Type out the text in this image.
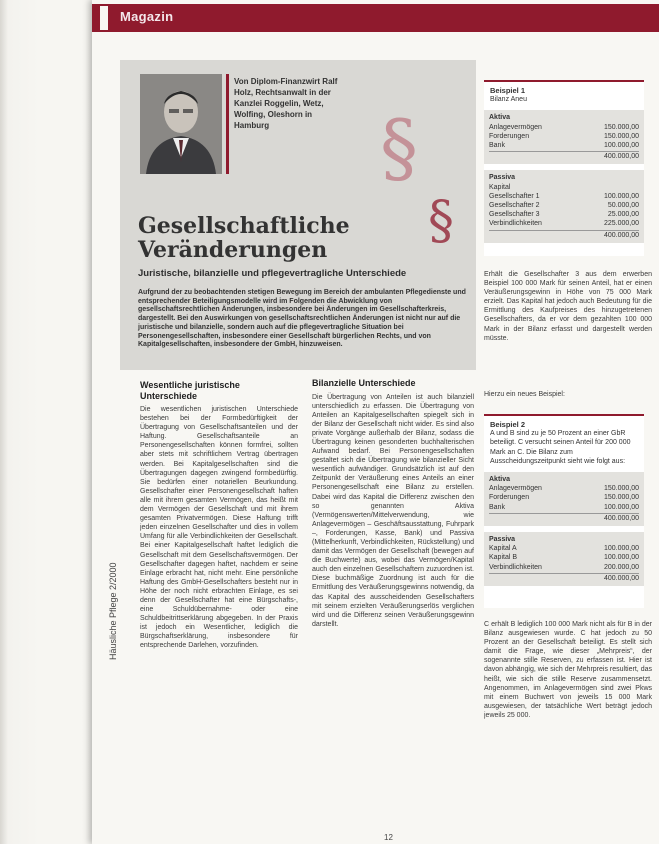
Magazin
Häusliche Pflege 2/2000
Von Diplom-Finanzwirt Ralf Holz, Rechtsanwalt in der Kanzlei Roggelin, Wetz, Wolfing, Oleshorn in Hamburg	§
§
Gesellschaftliche Veränderungen
Juristische, bilanzielle und pflegevertragliche Unterschiede

Aufgrund der zu beobachtenden stetigen Bewegung im Bereich der ambulanten Pflegedienste und entsprechender Beteiligungsmodelle wird im Folgenden die Abwicklung von gesellschaftsrechtlichen Änderungen, insbesondere bei Änderungen im Gesellschafterkreis, dargestellt. Bei den Auswirkungen von gesellschaftsrechtlichen Änderungen ist nicht nur auf die juristische und bilanzielle, sondern auch auf die pflegevertragliche Situation bei Personengesellschaften, insbesondere einer Gesellschaft bürgerlichen Rechts, und von Kapitalgesellschaften, insbesondere der GmbH, hinzuweisen.

Wesentliche juristische Unterschiede

Die wesentlichen juristischen Unterschiede bestehen bei der Formbedürftigkeit der Übertragung von Gesellschaftsanteilen und der Haftung. Gesellschaftsanteile an Personengesellschaften können formfrei, sollten aber stets mit schriftlichem Vertrag übertragen werden. Bei Kapitalgesellschaften sind die Übertragungen dagegen zwingend formbedürftig. Sie bedürfen einer notariellen Beurkundung. Gesellschafter einer Personengesellschaft haften alle mit ihrem gesamten Vermögen, das heißt mit dem Vermögen der Gesellschaft und mit ihrem gesamten Privatvermögen. Diese Haftung trifft jeden einzelnen Gesellschafter und dies in vollem Umfang für alle Verbindlichkeiten der Gesellschaft. Bei einer Kapitalgesellschaft haftet lediglich die Gesellschaft mit dem Gesellschaftsvermögen. Der Gesellschafter dagegen haftet, nachdem er seine Einlage erbracht hat, nicht mehr. Eine persönliche Haftung des GmbH-Gesellschafters besteht nur in Höhe der noch nicht erbrachten Einlage, es sei denn der Gesellschafter hat eine Bürgschafts-, eine Schuldübernahme- oder eine Schuldbeitrittserklärung abgegeben. In der Praxis ist jedoch ein Wesentlicher, lediglich die Bürgschaftserklärung, insbesondere für entsprechende Darlehen, vorzufinden.

Bilanzielle Unterschiede

Die Übertragung von Anteilen ist auch bilanziell unterschiedlich zu erfassen. Die Übertragung von Anteilen an Kapitalgesellschaften spiegelt sich in der Bilanz der Gesellschaft nicht wider. Es sind also private Vorgänge außerhalb der Bilanz, sodass die Übertragung keinen gesonderten buchhalterischen Aufwand bedarf. Bei Personengesellschaften gestaltet sich die Übertragung wie bilanzieller Sicht wesentlich aufwändiger. Grundsätzlich ist auf den Zeitpunkt der Veräußerung eines Anteils an einer Personengesellschaft eine Bilanz zu erstellen. Dabei wird das Kapital die Differenz zwischen den so genannten Aktiva (Vermögenswerten/Mittelverwendung, wie Anlagevermögen – Geschäftsausstattung, Fuhrpark –, Forderungen, Kasse, Bank) und Passiva (Mittelherkunft, Verbindlichkeiten, Rückstellung) und damit das Vermögen der Gesellschaft (bewegen auf die Buchwerte) aus, wobei das Vermögen/Kapital auch den einzelnen Gesellschaftern zuzuordnen ist. Diese buchmäßige Zuordnung ist auch für die Ermittlung des Veräußerungsgewinns notwendig, da das Kapital des ausscheidenden Gesellschafters mit seinem erzielten Veräußerungserlös verglichen wird und die Differenz seinen Veräußerungsgewinn darstellt.

Beispiel 1
Bilanz Aneu
Aktiva
Anlagevermögen	150.000,00
Forderungen	150.000,00
Bank	100.000,00
400.000,00
Passiva
Kapital
Gesellschafter 1	100.000,00
Gesellschafter 2	50.000,00
Gesellschafter 3	25.000,00
Verbindlichkeiten	225.000,00
400.000,00

Erhält die Gesellschafter 3 aus dem erwerben Beispiel 100 000 Mark für seinen Anteil, hat er einen Veräußerungsgewinn in Höhe von 75 000 Mark erzielt. Das Kapital hat jedoch auch Bedeutung für die Ermittlung des Kaufpreises des hinzugetretenen Gesellschafters, da er vor dem gezahlten 100 000 Mark in der Bilanz erfasst und dargestellt werden müsste.

Hierzu ein neues Beispiel:

Beispiel 2
A und B sind zu je 50 Prozent an einer GbR beteiligt. C versucht seinen Anteil für 200 000 Mark an C. Die Bilanz zum Ausscheidungszeitpunkt sieht wie folgt aus:
Aktiva
Anlagevermögen	150.000,00
Forderungen	150.000,00
Bank	100.000,00
400.000,00
Passiva
Kapital A	100.000,00
Kapital B	100.000,00
Verbindlichkeiten	200.000,00
400.000,00

C erhält B lediglich 100 000 Mark nicht als für B in der Bilanz ausgewiesen wurde. C hat jedoch zu 50 Prozent an der Gesellschaft beteiligt. Es stellt sich damit die Frage, wie dieser „Mehrpreis“, der sogenannte stille Reserven, zu erfassen ist. Hier ist davon abhängig, wie sich der Mehrpreis resultiert, das heißt, wie sich die stille Reserve zusammensetzt. Angenommen, im Anlagevermögen sind zwei Pkws mit einem Buchwert von jeweils 15 000 Mark ausgewiesen, der tatsächliche Wert beträgt jedoch jeweils 25 000.

12
